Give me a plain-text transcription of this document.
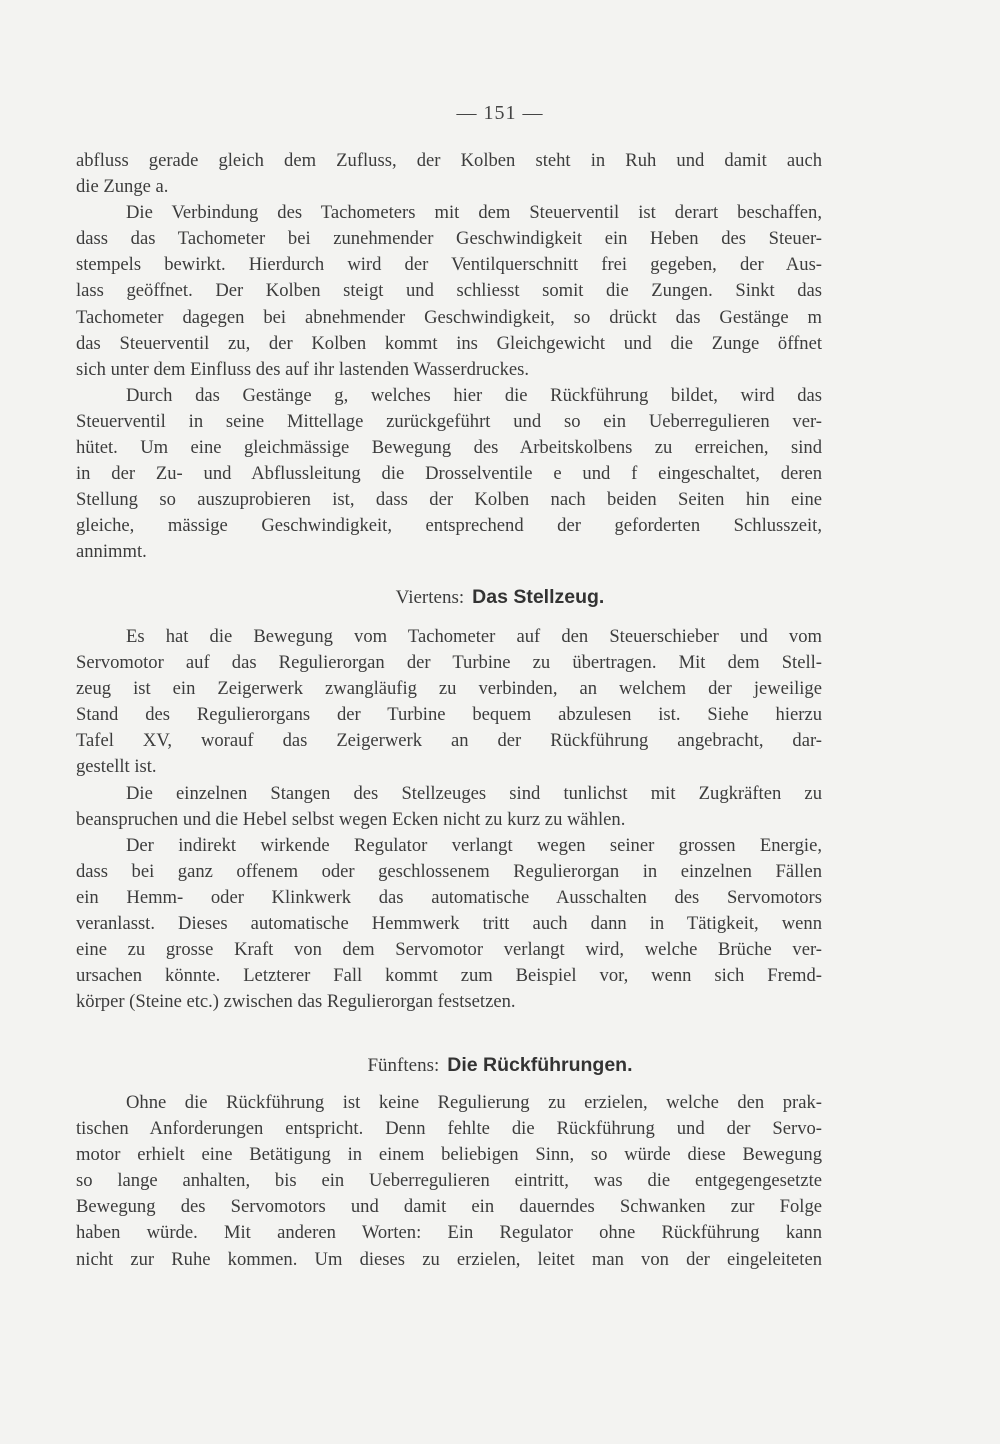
— 151 —
abfluss gerade gleich dem Zufluss, der Kolben steht in Ruh und damit auch
die Zunge a.
Die Verbindung des Tachometers mit dem Steuerventil ist derart beschaffen,
dass das Tachometer bei zunehmender Geschwindigkeit ein Heben des Steuer-
stempels bewirkt. Hierdurch wird der Ventilquerschnitt frei gegeben, der Aus-
lass geöffnet. Der Kolben steigt und schliesst somit die Zungen. Sinkt das
Tachometer dagegen bei abnehmender Geschwindigkeit, so drückt das Gestänge m
das Steuerventil zu, der Kolben kommt ins Gleichgewicht und die Zunge öffnet
sich unter dem Einfluss des auf ihr lastenden Wasserdruckes.
Durch das Gestänge g, welches hier die Rückführung bildet, wird das
Steuerventil in seine Mittellage zurückgeführt und so ein Ueberregulieren ver-
hütet. Um eine gleichmässige Bewegung des Arbeitskolbens zu erreichen, sind
in der Zu- und Abflussleitung die Drosselventile e und f eingeschaltet, deren
Stellung so auszuprobieren ist, dass der Kolben nach beiden Seiten hin eine
gleiche, mässige Geschwindigkeit, entsprechend der geforderten Schlusszeit,
annimmt.
Viertens: Das Stellzeug.
Es hat die Bewegung vom Tachometer auf den Steuerschieber und vom
Servomotor auf das Regulierorgan der Turbine zu übertragen. Mit dem Stell-
zeug ist ein Zeigerwerk zwangläufig zu verbinden, an welchem der jeweilige
Stand des Regulierorgans der Turbine bequem abzulesen ist. Siehe hierzu
Tafel XV, worauf das Zeigerwerk an der Rückführung angebracht, dar-
gestellt ist.
Die einzelnen Stangen des Stellzeuges sind tunlichst mit Zugkräften zu
beanspruchen und die Hebel selbst wegen Ecken nicht zu kurz zu wählen.
Der indirekt wirkende Regulator verlangt wegen seiner grossen Energie,
dass bei ganz offenem oder geschlossenem Regulierorgan in einzelnen Fällen
ein Hemm- oder Klinkwerk das automatische Ausschalten des Servomotors
veranlasst. Dieses automatische Hemmwerk tritt auch dann in Tätigkeit, wenn
eine zu grosse Kraft von dem Servomotor verlangt wird, welche Brüche ver-
ursachen könnte. Letzterer Fall kommt zum Beispiel vor, wenn sich Fremd-
körper (Steine etc.) zwischen das Regulierorgan festsetzen.
Fünftens: Die Rückführungen.
Ohne die Rückführung ist keine Regulierung zu erzielen, welche den prak-
tischen Anforderungen entspricht. Denn fehlte die Rückführung und der Servo-
motor erhielt eine Betätigung in einem beliebigen Sinn, so würde diese Bewegung
so lange anhalten, bis ein Ueberregulieren eintritt, was die entgegengesetzte
Bewegung des Servomotors und damit ein dauerndes Schwanken zur Folge
haben würde. Mit anderen Worten: Ein Regulator ohne Rückführung kann
nicht zur Ruhe kommen. Um dieses zu erzielen, leitet man von der eingeleiteten
